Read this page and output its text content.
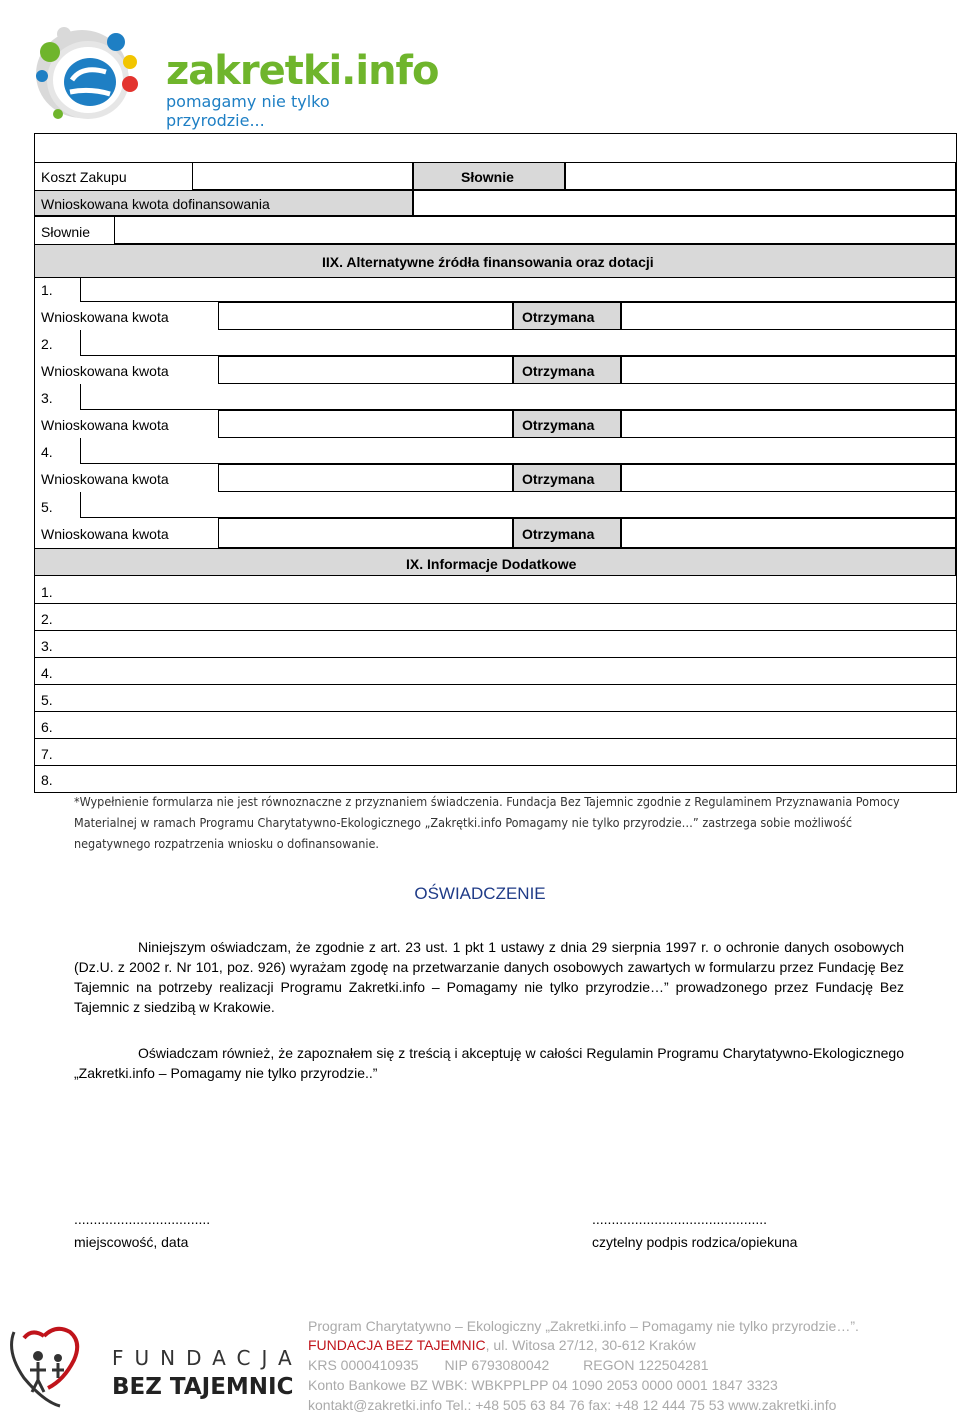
zakretki.info
pomagamy nie tylko przyrodzie...
Koszt Zakupu	Słownie
Wnioskowana kwota dofinansowania
Słownie
IIX. Alternatywne źródła finansowania oraz dotacji
1.
Wnioskowana kwota	Otrzymana
2.
Wnioskowana kwota	Otrzymana
3.
Wnioskowana kwota	Otrzymana
4.
Wnioskowana kwota	Otrzymana
5.
Wnioskowana kwota	Otrzymana
IX. Informacje Dodatkowe
1.
2.
3.
4.
5.
6.
7.
8.
*Wypełnienie formularza nie jest równoznaczne z przyznaniem świadczenia. Fundacja Bez Tajemnic zgodnie z Regulaminem Przyznawania Pomocy Materialnej w ramach Programu Charytatywno-Ekologicznego „Zakrętki.info Pomagamy nie tylko przyrodzie…” zastrzega sobie możliwość negatywnego rozpatrzenia wniosku o dofinansowanie.
OŚWIADCZENIE
Niniejszym oświadczam, że zgodnie z art. 23 ust. 1 pkt 1 ustawy z dnia 29 sierpnia 1997 r. o ochronie danych osobowych (Dz.U. z 2002 r. Nr 101, poz. 926) wyrażam zgodę na przetwarzanie danych osobowych zawartych w formularzu przez Fundację Bez Tajemnic na potrzeby realizacji Programu Zakretki.info – Pomagamy nie tylko przyrodzie…” prowadzonego przez Fundację Bez Tajemnic z siedzibą w Krakowie.
Oświadczam również, że zapoznałem się z treścią i akceptuję w całości Regulamin Programu Charytatywno-Ekologicznego „Zakretki.info – Pomagamy nie tylko przyrodzie..”
...................................
miejscowość, data
.............................................
czytelny podpis rodzica/opiekuna
FUNDACJA
BEZ TAJEMNIC
Program Charytatywno – Ekologiczny „Zakretki.info – Pomagamy nie tylko przyrodzie…”.
FUNDACJA BEZ TAJEMNIC, ul. Witosa 27/12, 30-612 Kraków
KRS 0000410935 NIP 6793080042 REGON 122504281
Konto Bankowe BZ WBK: WBKPPLPP 04 1090 2053 0000 0001 1847 3323
kontakt@zakretki.info Tel.: +48 505 63 84 76 fax: +48 12 444 75 53 www.zakretki.info
